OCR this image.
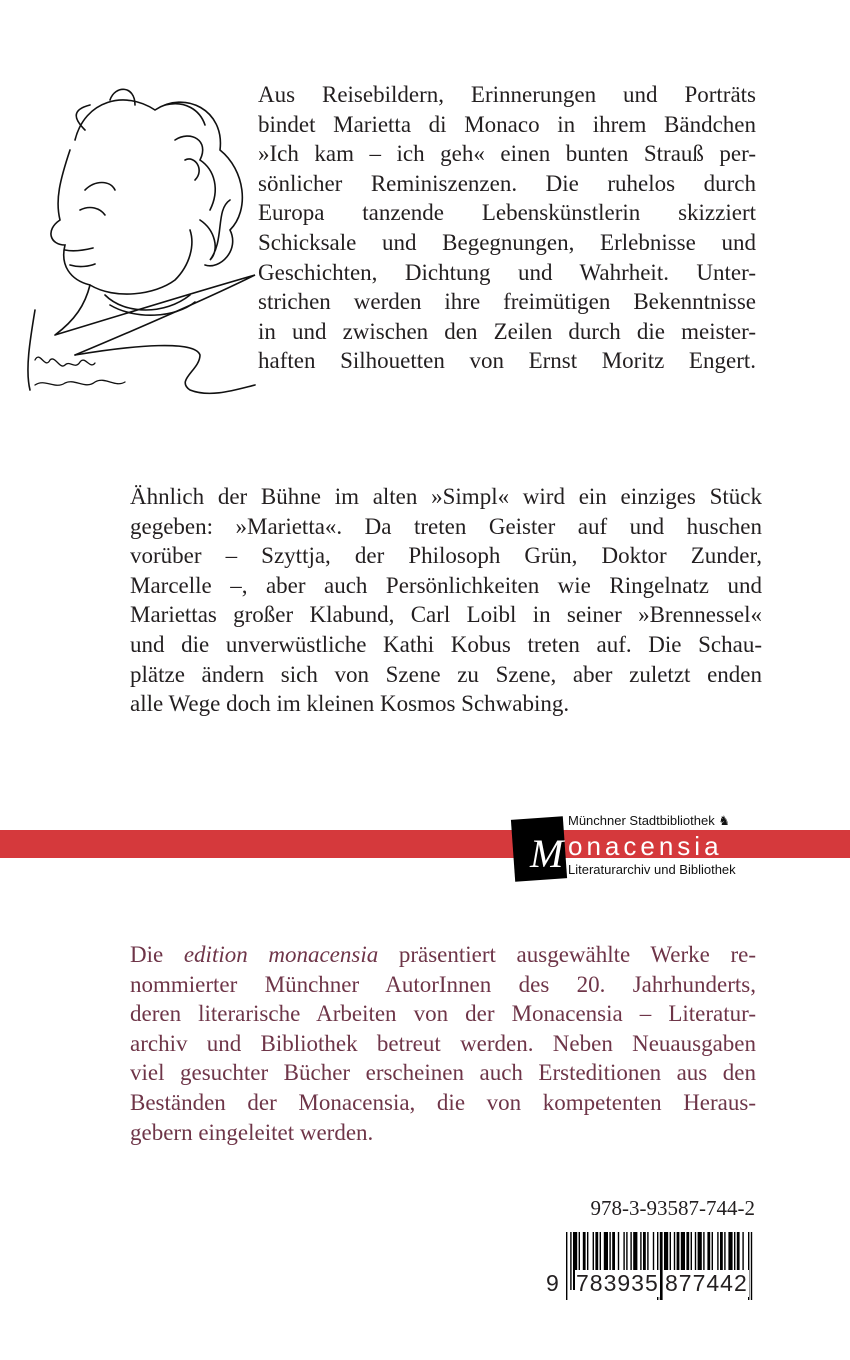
Aus Reisebildern, Erinnerungen und Porträts
bindet Marietta di Monaco in ihrem Bändchen
»Ich kam – ich geh« einen bunten Strauß per-
sönlicher Reminiszenzen. Die ruhelos durch
Europa tanzende Lebenskünstlerin skizziert
Schicksale und Begegnungen, Erlebnisse und
Geschichten, Dichtung und Wahrheit. Unter-
strichen werden ihre freimütigen Bekenntnisse
in und zwischen den Zeilen durch die meister-
haften Silhouetten von Ernst Moritz Engert.
Ähnlich der Bühne im alten »Simpl« wird ein einziges Stück
gegeben: »Marietta«. Da treten Geister auf und huschen
vorüber – Szyttja, der Philosoph Grün, Doktor Zunder,
Marcelle –, aber auch Persönlichkeiten wie Ringelnatz und
Mariettas großer Klabund, Carl Loibl in seiner »Brennessel«
und die unverwüstliche Kathi Kobus treten auf. Die Schau-
plätze ändern sich von Szene zu Szene, aber zuletzt enden
alle Wege doch im kleinen Kosmos Schwabing.
M onacensia
Münchner Stadtbibliothek ♞
Literaturarchiv und Bibliothek
Die edition monacensia präsentiert ausgewählte Werke re-
nommierter Münchner AutorInnen des 20. Jahrhunderts,
deren literarische Arbeiten von der Monacensia – Literatur-
archiv und Bibliothek betreut werden. Neben Neuausgaben
viel gesuchter Bücher erscheinen auch Ersteditionen aus den
Beständen der Monacensia, die von kompetenten Heraus-
gebern eingeleitet werden.
978-3-93587-744-2
9 783935 877442
